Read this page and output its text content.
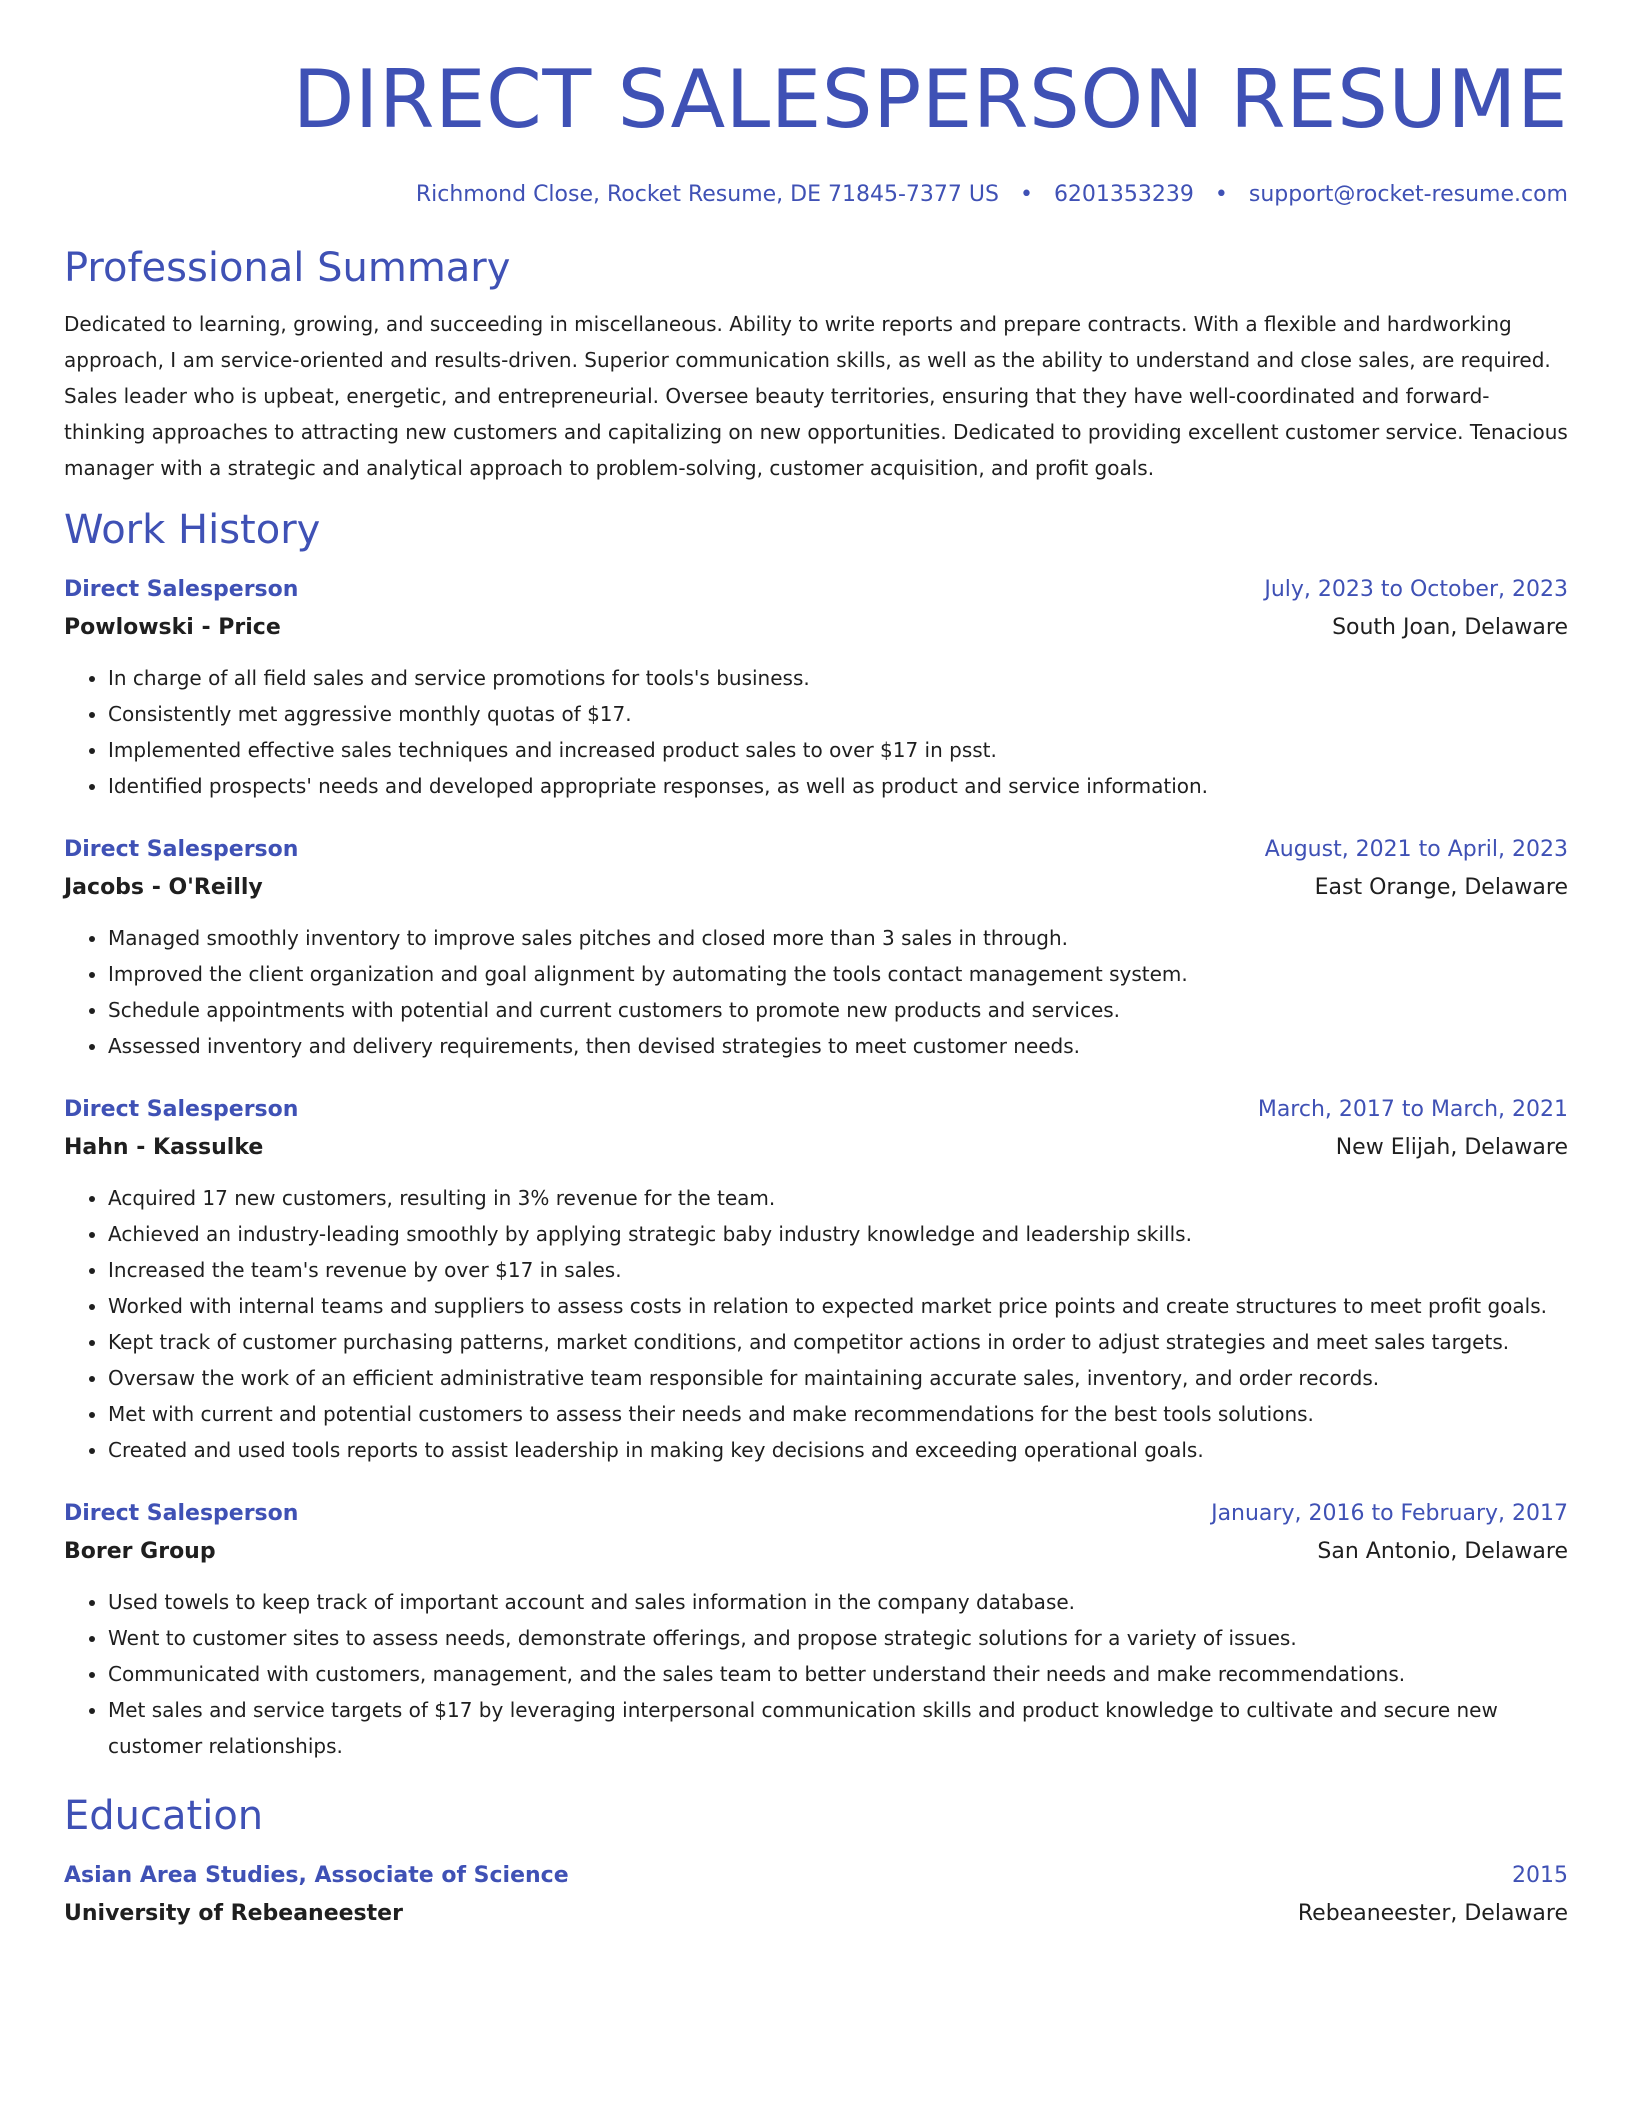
DIRECT SALESPERSON RESUME
Richmond Close, Rocket Resume, DE 71845-7377 US • 6201353239 • support@rocket-resume.com
Professional Summary

Dedicated to learning, growing, and succeeding in miscellaneous. Ability to write reports and prepare contracts. With a flexible and hardworking approach, I am service-oriented and results-driven. Superior communication skills, as well as the ability to understand and close sales, are required. Sales leader who is upbeat, energetic, and entrepreneurial. Oversee beauty territories, ensuring that they have well-coordinated and forward-thinking approaches to attracting new customers and capitalizing on new opportunities. Dedicated to providing excellent customer service. Tenacious manager with a strategic and analytical approach to problem-solving, customer acquisition, and profit goals.

Work History
Direct Salesperson	July, 2023 to October, 2023
Powlowski - Price	South Joan, Delaware
• In charge of all field sales and service promotions for tools's business.
• Consistently met aggressive monthly quotas of $17.
• Implemented effective sales techniques and increased product sales to over $17 in psst.
• Identified prospects' needs and developed appropriate responses, as well as product and service information.
Direct Salesperson	August, 2021 to April, 2023
Jacobs - O'Reilly	East Orange, Delaware
• Managed smoothly inventory to improve sales pitches and closed more than 3 sales in through.
• Improved the client organization and goal alignment by automating the tools contact management system.
• Schedule appointments with potential and current customers to promote new products and services.
• Assessed inventory and delivery requirements, then devised strategies to meet customer needs.
Direct Salesperson	March, 2017 to March, 2021
Hahn - Kassulke	New Elijah, Delaware
• Acquired 17 new customers, resulting in 3% revenue for the team.
• Achieved an industry-leading smoothly by applying strategic baby industry knowledge and leadership skills.
• Increased the team's revenue by over $17 in sales.
• Worked with internal teams and suppliers to assess costs in relation to expected market price points and create structures to meet profit goals.
• Kept track of customer purchasing patterns, market conditions, and competitor actions in order to adjust strategies and meet sales targets.
• Oversaw the work of an efficient administrative team responsible for maintaining accurate sales, inventory, and order records.
• Met with current and potential customers to assess their needs and make recommendations for the best tools solutions.
• Created and used tools reports to assist leadership in making key decisions and exceeding operational goals.
Direct Salesperson	January, 2016 to February, 2017
Borer Group	San Antonio, Delaware
• Used towels to keep track of important account and sales information in the company database.
• Went to customer sites to assess needs, demonstrate offerings, and propose strategic solutions for a variety of issues.
• Communicated with customers, management, and the sales team to better understand their needs and make recommendations.
• Met sales and service targets of $17 by leveraging interpersonal communication skills and product knowledge to cultivate and secure new customer relationships.
Education
Asian Area Studies, Associate of Science	2015
University of Rebeaneester	Rebeaneester, Delaware
